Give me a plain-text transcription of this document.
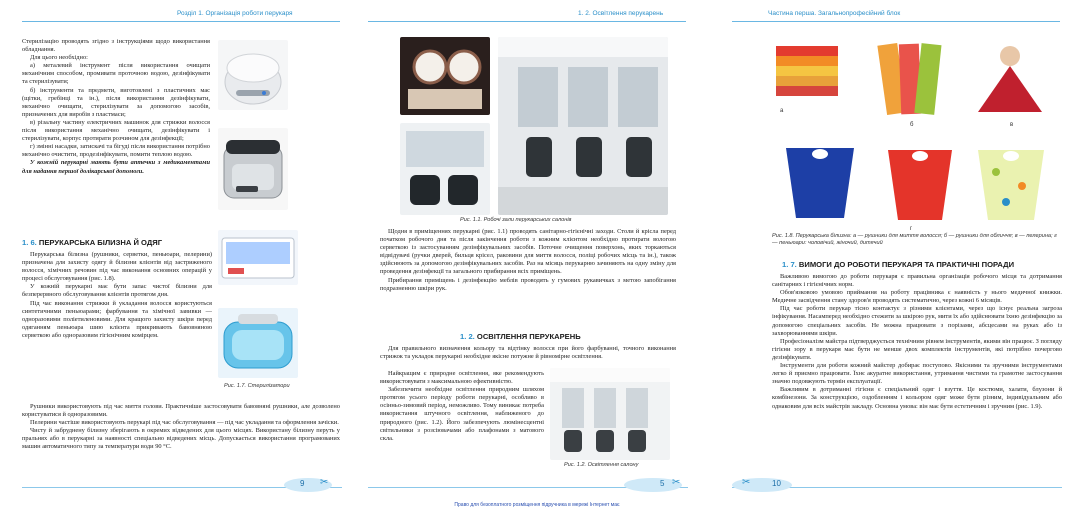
Розділ 1. Організація роботи перукаря

Стерилізацію проводять згідно з інструкціями щодо використання обладнання.

Для цього необхідно:

а) металевий інструмент після використання очищати механічним способом, промивати проточною водою, дезінфікувати та стерилізувати;

б) інструменти та предмети, виготовлені з пластичних мас (щітки, гребінці та ін.), після використання дезінфікувати, механічно очищати, стерилізувати за допомогою засобів, призначених для виробів з пластмаси;

в) різальну частину електричних машинок для стрижки волосся після використання механічно очищати, дезінфікувати і стерилізувати, корпус протирати розчином для дезінфекції;

г) змінні насадки, затискачі та бігуді після використання потрібно механічно очистити, продезінфікувати, помити теплою водою.

У кожній перукарні мають бути аптечки з медикаментами для надання першої долікарської допомоги.

1. 6. ПЕРУКАРСЬКА БІЛИЗНА Й ОДЯГ

Перукарська білизна (рушники, серветки, пеньюари, пелерини) призначена для захисту одягу й білизни клієнтів від застриженого волосся, хімічних речовин під час виконання основних операцій у процесі обслуговування (рис. 1.8).

У кожній перукарні має бути запас чистої білизни для безперервного обслуговування клієнтів протягом дня.

Під час виконання стрижки й укладання волосся користуються синтетичними пеньюарами; фарбування та хімічної завивки — одноразовими поліетиленовими. Для кращого захисту шкіри перед одяганням пеньюара шию клієнта прикривають бавовняною серветкою або одноразовим гігієнічним комірцем.

Рушники використовують під час миття голови. Практичніше застосовувати бавовняні рушники, але дозволено користуватися й одноразовими.

Пелерини частіше використовують перукарі під час обслуговування — під час укладання та оформлення зачіски.

Чисту й забруднену білизну зберігають в окремих відведених для цього місцях. Використану білизну перуть у пральнях або в перукарні за наявності спеціально відведених місць. Допускається використання програмованих машин автоматичного типу за температури води 90 °С.

Рис. 1.7. Стерилізатори
9 ✂
1. 2. Освітлення перукарень
Рис. 1.1. Робочі зали перукарських салонів

Щодня в приміщеннях перукарні (рис. 1.1) проводять санітарно-гігієнічні заходи. Столи й крісла перед початком робочого дня та після закінчення роботи з кожним клієнтом необхідно протирати вологою серветкою із застосуванням дезінфікувальних засобів. Поточне очищення поверхонь, яких торкаються відвідувачі (ручки дверей, бильця крісел, раковини для миття волосся, поліці робочих місць та ін.), також здійснюють за допомогою дезінфікувальних засобів. Раз на місяць перукарню зачиняють на одну зміну для проведення дезінфекції та загального прибирання всіх приміщень.

Прибирання приміщень і дезінфекцію меблів проводять у гумових рукавичках з метою запобігання подразненню шкіри рук.

1. 2. ОСВІТЛЕННЯ ПЕРУКАРЕНЬ

Для правильного визначення кольору та відтінку волосся при його фарбуванні, точного виконання стрижок та укладок перукарні необхідне якісне потужне й рівномірне освітлення.

Найкращим є природне освітлення, яке рекомендують використовувати з максимальною ефективністю.

Забезпечити необхідне освітлення природним шляхом протягом усього періоду роботи перукарні, особливо в осінньо-зимовий період, неможливо. Тому виникає потреба використання штучного освітлення, наближеного до природного (рис. 1.2). Його забезпечують люмінесцентні світильники з розсіювачами або плафонами з матового скла.

Рис. 1.2. Освітлення салону
5 ✂
Частина перша. Загальнопрофесійний блок
а
б	в
г
Рис. 1.8. Перукарська білизна: а — рушники для миття волосся; б — рушники для обличчя; в — пелерина; г — пеньюари: чоловічий, жіночий, дитячий
1. 7. ВИМОГИ ДО РОБОТИ ПЕРУКАРЯ ТА ПРАКТИЧНІ ПОРАДИ

Важливою вимогою до роботи перукаря є правильна організація робочого місця та дотримання санітарних і гігієнічних норм.

Обов'язковою умовою приймання на роботу працівника є наявність у нього медичної книжки. Медичне засвідчення стану здоров'я проводять систематично, через кожні 6 місяців.

Під час роботи перукар тісно контактує з різними клієнтами, через що існує реальна загроза інфікування. Насамперед необхідно стежити за шкірою рук, мити їх або здійснювати їхню дезінфекцію за допомогою спеціальних засобів. Не можна працювати з порізами, абсцесами на руках або із захворюваннями шкіри.

Професіоналізм майстра підтверджується технічним рівнем інструментів, якими він працює. З погляду гігієни зору в перукаря має бути не менше двох комплектів інструментів, які потрібно почергово дезінфікувати.

Інструменти для роботи кожний майстер добирає поступово. Якісними та зручними інструментами легко й приємно працювати. Їхнє акуратне використання, утримання чистими та грамотне застосування значно подовжують термін експлуатації.

Важливим в дотриманні гігієни є спеціальний одяг і взуття. Це костюми, халати, блузони й комбінезони. За конструкцією, оздобленням і кольором одяг може бути різним, індивідуальним або однаковим для всіх майстрів закладу. Основна умова: він має бути естетичним і зручним (рис. 1.9).

✂	10
Право для безоплатного розміщення підручника в мережі Інтернет має
